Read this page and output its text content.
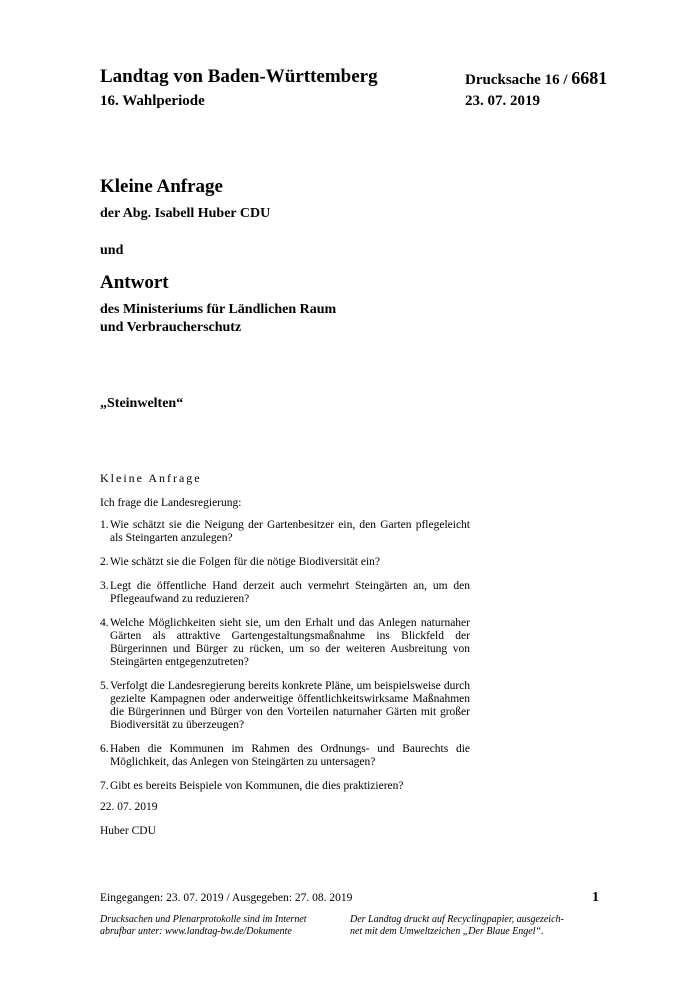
Landtag von Baden-Württemberg
16. Wahlperiode
Drucksache 16 / 6681
23. 07. 2019
Kleine Anfrage
der Abg. Isabell Huber CDU
und
Antwort
des Ministeriums für Ländlichen Raum
und Verbraucherschutz
„Steinwelten“
Kleine Anfrage
Ich frage die Landesregierung:
1. Wie schätzt sie die Neigung der Gartenbesitzer ein, den Garten pflegeleicht als Steingarten anzulegen?
2. Wie schätzt sie die Folgen für die nötige Biodiversität ein?
3. Legt die öffentliche Hand derzeit auch vermehrt Steingärten an, um den Pflegeaufwand zu reduzieren?
4. Welche Möglichkeiten sieht sie, um den Erhalt und das Anlegen naturnaher Gärten als attraktive Gartengestaltungsmaßnahme ins Blickfeld der Bürgerinnen und Bürger zu rücken, um so der weiteren Ausbreitung von Steingärten entgegenzutreten?
5. Verfolgt die Landesregierung bereits konkrete Pläne, um beispielsweise durch gezielte Kampagnen oder anderweitige öffentlichkeitswirksame Maßnahmen die Bürgerinnen und Bürger von den Vorteilen naturnaher Gärten mit großer Biodiversität zu überzeugen?
6. Haben die Kommunen im Rahmen des Ordnungs- und Baurechts die Möglichkeit, das Anlegen von Steingärten zu untersagen?
7. Gibt es bereits Beispiele von Kommunen, die dies praktizieren?
22. 07. 2019
Huber CDU
Eingegangen: 23. 07. 2019 / Ausgegeben: 27. 08. 2019	1
Drucksachen und Plenarprotokolle sind im Internet
abrufbar unter: www.landtag-bw.de/Dokumente
Der Landtag druckt auf Recyclingpapier, ausgezeich-
net mit dem Umweltzeichen „Der Blaue Engel“.
